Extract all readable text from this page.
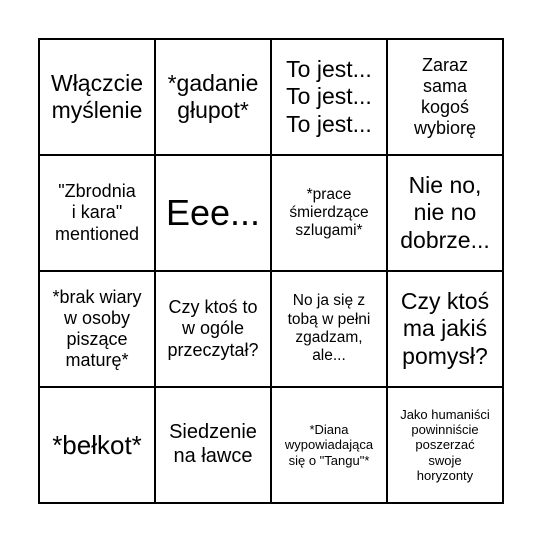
Włączcie
myślenie
*gadanie
głupot*
To jest...
To jest...
To jest...
Zaraz
sama
kogoś
wybiorę
"Zbrodnia
i kara"
mentioned
Eee...	*prace
śmierdzące
szlugami*
Nie no,
nie no
dobrze...
*brak wiary
w osoby
piszące
maturę*
Czy ktoś to
w ogóle
przeczytał?
No ja się z
tobą w pełni
zgadzam,
ale...
Czy ktoś
ma jakiś
pomysł?
*bełkot* Siedzenie
na ławce
*Diana
wypowiadająca
się o "Tangu"*
Jako humaniści
powinniście
poszerzać
swoje
horyzonty
